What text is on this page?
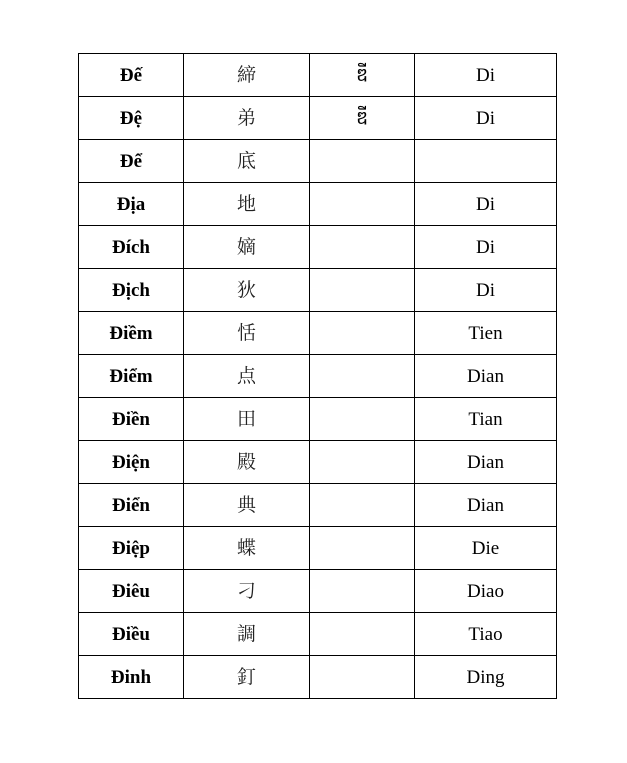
Đế	締	ឌី	Di
Đệ	弟	ឌី	Di
Để	底		
Địa	地		Di
Đích	嫡		Di
Địch	狄		Di
Điềm	恬		Tien
Điểm	点		Dian
Điền	田		Tian
Điện	殿		Dian
Điển	典		Dian
Điệp	蝶		Die
Điêu	刁		Diao
Điều	調		Tiao
Đinh	釘		Ding
